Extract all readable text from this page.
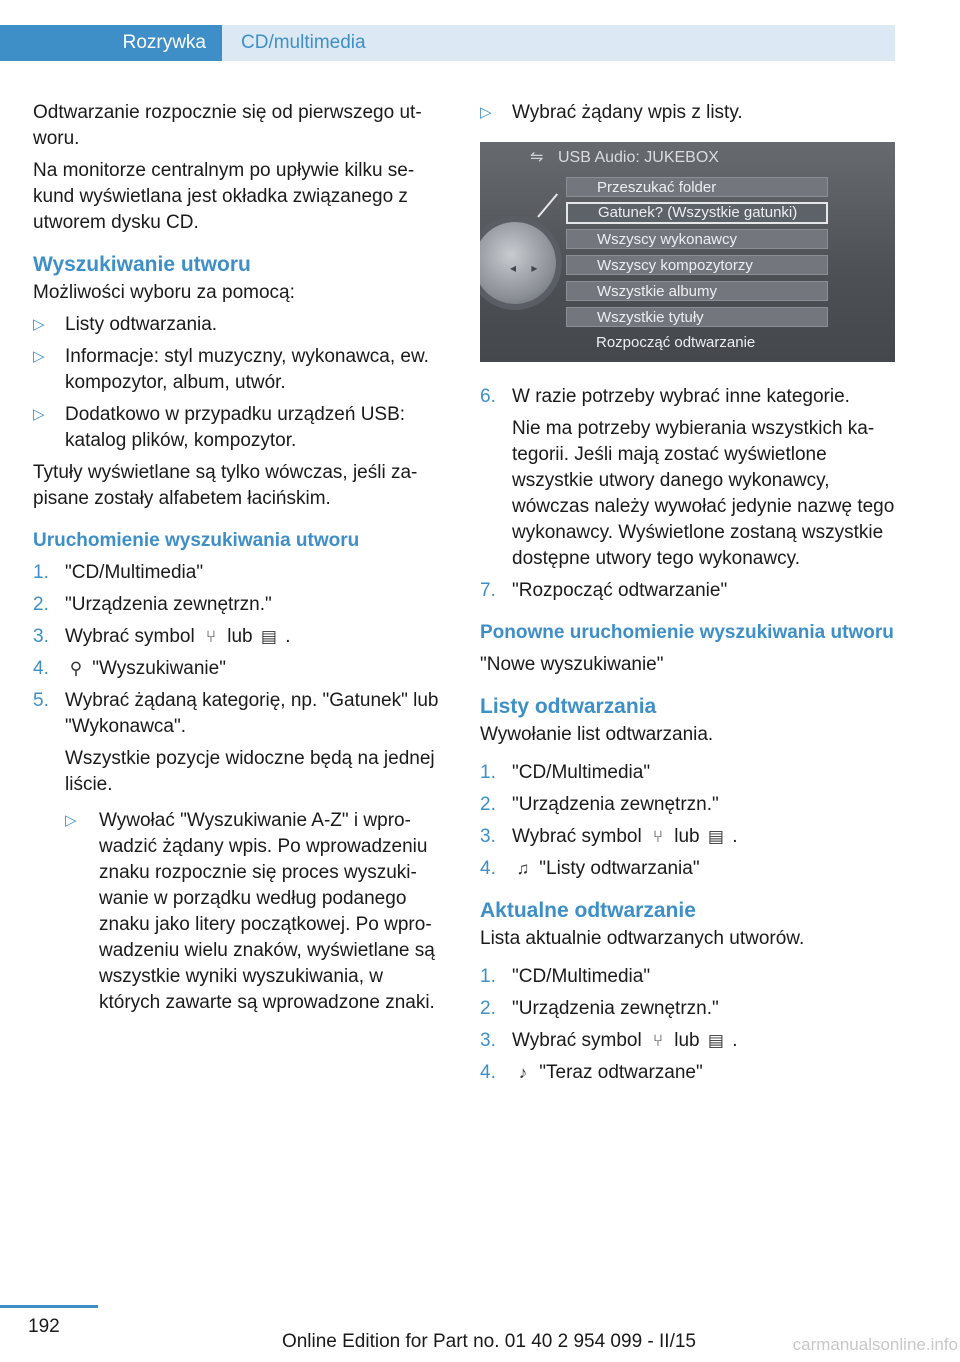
Rozrywka	CD/multimedia

Odtwarzanie rozpocznie się od pierwszego utworu.

Na monitorze centralnym po upływie kilku sekund wyświetlana jest okładka związanego z utworem dysku CD.

Wyszukiwanie utworu

Możliwości wyboru za pomocą:

▷ Listy odtwarzania.
▷ Informacje: styl muzyczny, wykonawca, ew. kompozytor, album, utwór.
▷ Dodatkowo w przypadku urządzeń USB: katalog plików, kompozytor.

Tytuły wyświetlane są tylko wówczas, jeśli zapisane zostały alfabetem łacińskim.

Uruchomienie wyszukiwania utworu
1. "CD/Multimedia"
2. "Urządzenia zewnętrzn."
3. Wybrać symbol ⑂ lub ▤ .
4. ⚲ "Wyszukiwanie"
5. Wybrać żądaną kategorię, np. "Gatunek" lub "Wykonawca".
Wszystkie pozycje widoczne będą na jednej liście.
▷ Wywołać "Wyszukiwanie A-Z" i wprowadzić żądany wpis. Po wprowadzeniu znaku rozpocznie się proces wyszukiwanie w porządku według podanego znaku jako litery początkowej. Po wprowadzeniu wielu znaków, wyświetlane są wszystkie wyniki wyszukiwania, w których zawarte są wprowadzone znaki.
▷ Wybrać żądany wpis z listy.
⇋ USB Audio: JUKEBOX
◂ ▸
Przeszukać folder
Gatunek? (Wszystkie gatunki)
Wszyscy wykonawcy
Wszyscy kompozytorzy
Wszystkie albumy
Wszystkie tytuły
Rozpocząć odtwarzanie
6. W razie potrzeby wybrać inne kategorie.
Nie ma potrzeby wybierania wszystkich kategorii. Jeśli mają zostać wyświetlone wszystkie utwory danego wykonawcy, wówczas należy wywołać jedynie nazwę tego wykonawcy. Wyświetlone zostaną wszystkie dostępne utwory tego wykonawcy.
7. "Rozpocząć odtwarzanie"
Ponowne uruchomienie wyszukiwania utworu

"Nowe wyszukiwanie"

Listy odtwarzania

Wywołanie list odtwarzania.

1. "CD/Multimedia"
2. "Urządzenia zewnętrzn."
3. Wybrać symbol ⑂ lub ▤ .
4. ♫ "Listy odtwarzania"
Aktualne odtwarzanie

Lista aktualnie odtwarzanych utworów.

1. "CD/Multimedia"
2. "Urządzenia zewnętrzn."
3. Wybrać symbol ⑂ lub ▤ .
4. ♪ "Teraz odtwarzane"
192
Online Edition for Part no. 01 40 2 954 099 - II/15	carmanualsonline.info
